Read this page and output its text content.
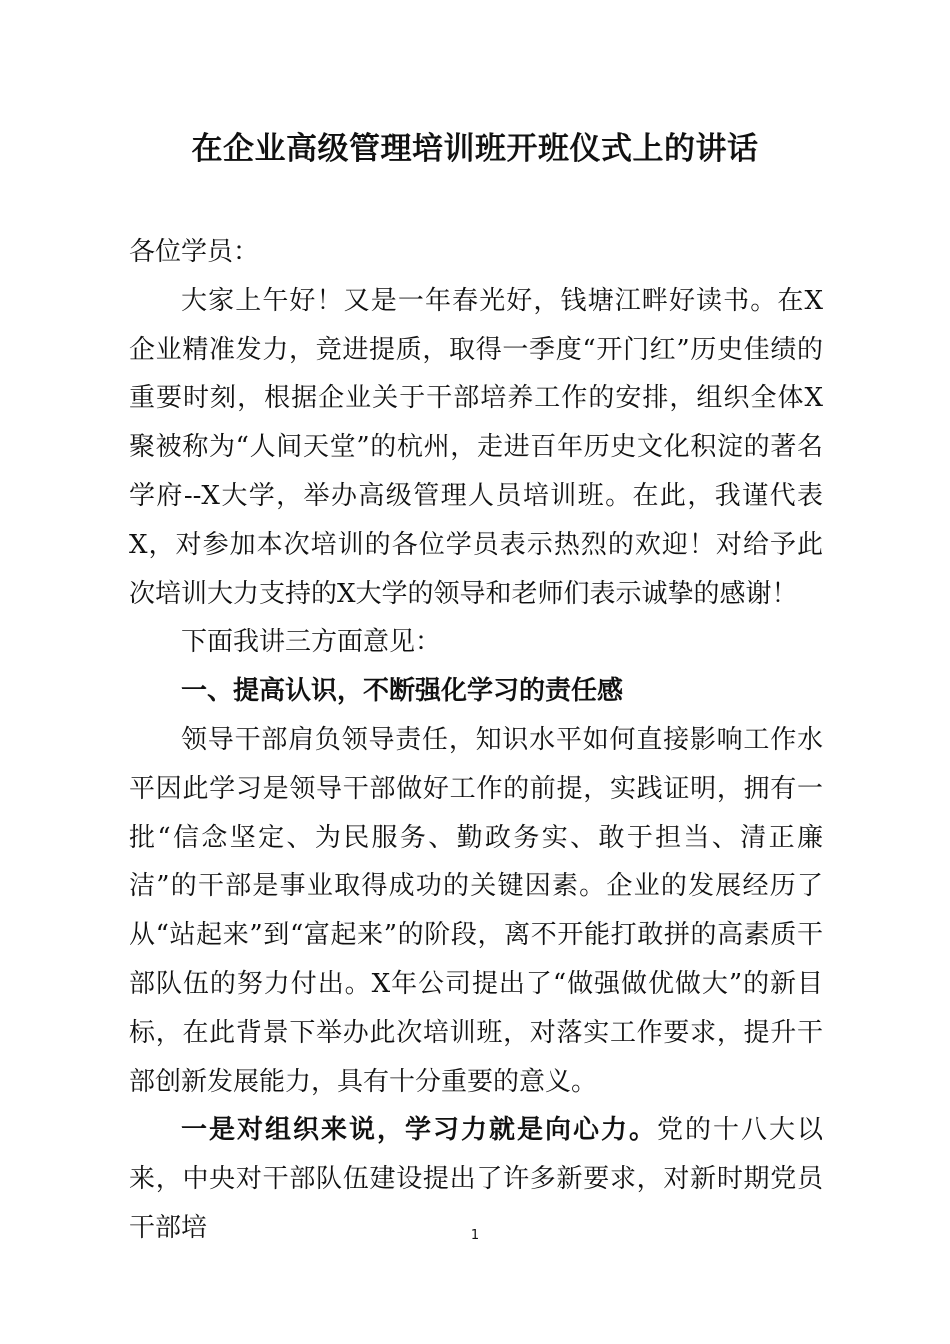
在企业高级管理培训班开班仪式上的讲话

各位学员：

大家上午好！又是一年春光好，钱塘江畔好读书。在X企业精准发力，竞进提质，取得一季度“开门红”历史佳绩的重要时刻，根据企业关于干部培养工作的安排，组织全体X聚被称为“人间天堂”的杭州，走进百年历史文化积淀的著名学府--X大学，举办高级管理人员培训班。在此，我谨代表X，对参加本次培训的各位学员表示热烈的欢迎！对给予此次培训大力支持的X大学的领导和老师们表示诚挚的感谢！

下面我讲三方面意见：

一、提高认识，不断强化学习的责任感

领导干部肩负领导责任，知识水平如何直接影响工作水平因此学习是领导干部做好工作的前提，实践证明，拥有一批“信念坚定、为民服务、勤政务实、敢于担当、清正廉洁”的干部是事业取得成功的关键因素。企业的发展经历了从“站起来”到“富起来”的阶段，离不开能打敢拼的高素质干部队伍的努力付出。X年公司提出了“做强做优做大”的新目标，在此背景下举办此次培训班，对落实工作要求，提升干部创新发展能力，具有十分重要的意义。

一是对组织来说，学习力就是向心力。党的十八大以来，中央对干部队伍建设提出了许多新要求，对新时期党员干部培	1
